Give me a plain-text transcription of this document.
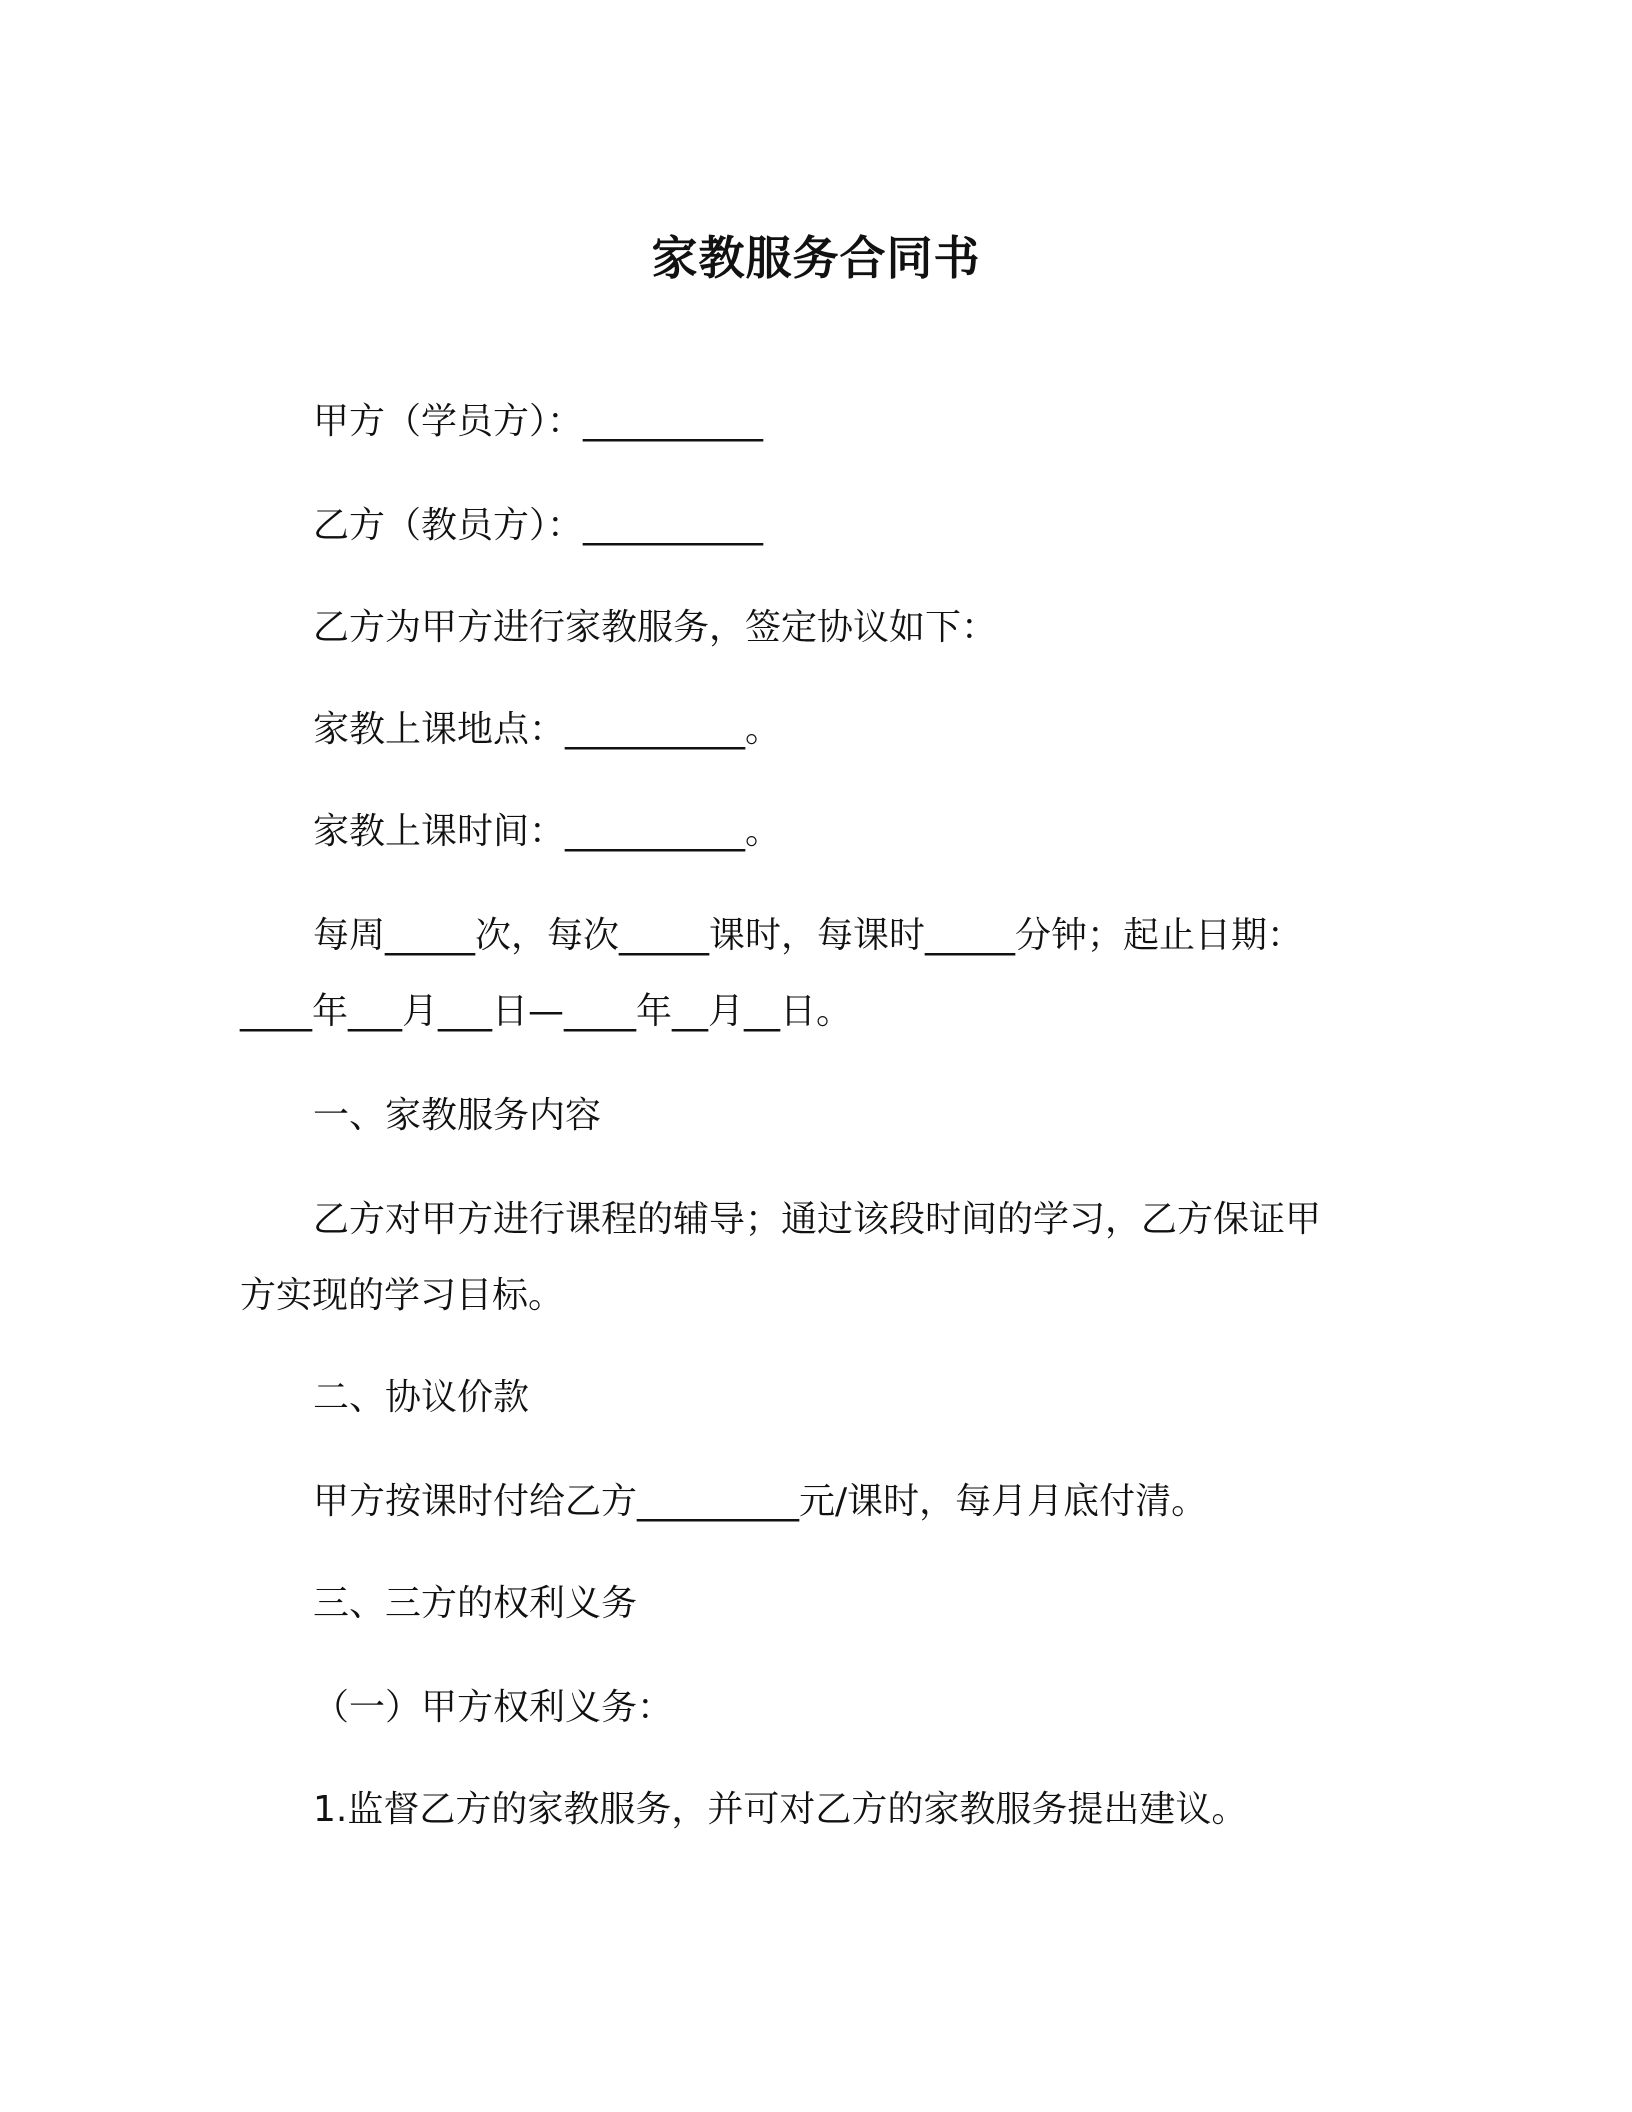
家教服务合同书
甲方（学员方）：__________
乙方（教员方）：__________
乙方为甲方进行家教服务，签定协议如下：
家教上课地点：__________。
家教上课时间：__________。
每周_____次，每次_____课时，每课时_____分钟；起止日期：
____年___月___日—____年__月__日。
一、家教服务内容
乙方对甲方进行课程的辅导；通过该段时间的学习，乙方保证甲
方实现的学习目标。
二、协议价款
甲方按课时付给乙方_________元/课时，每月月底付清。
三、三方的权利义务
（一）甲方权利义务：
1.监督乙方的家教服务，并可对乙方的家教服务提出建议。
